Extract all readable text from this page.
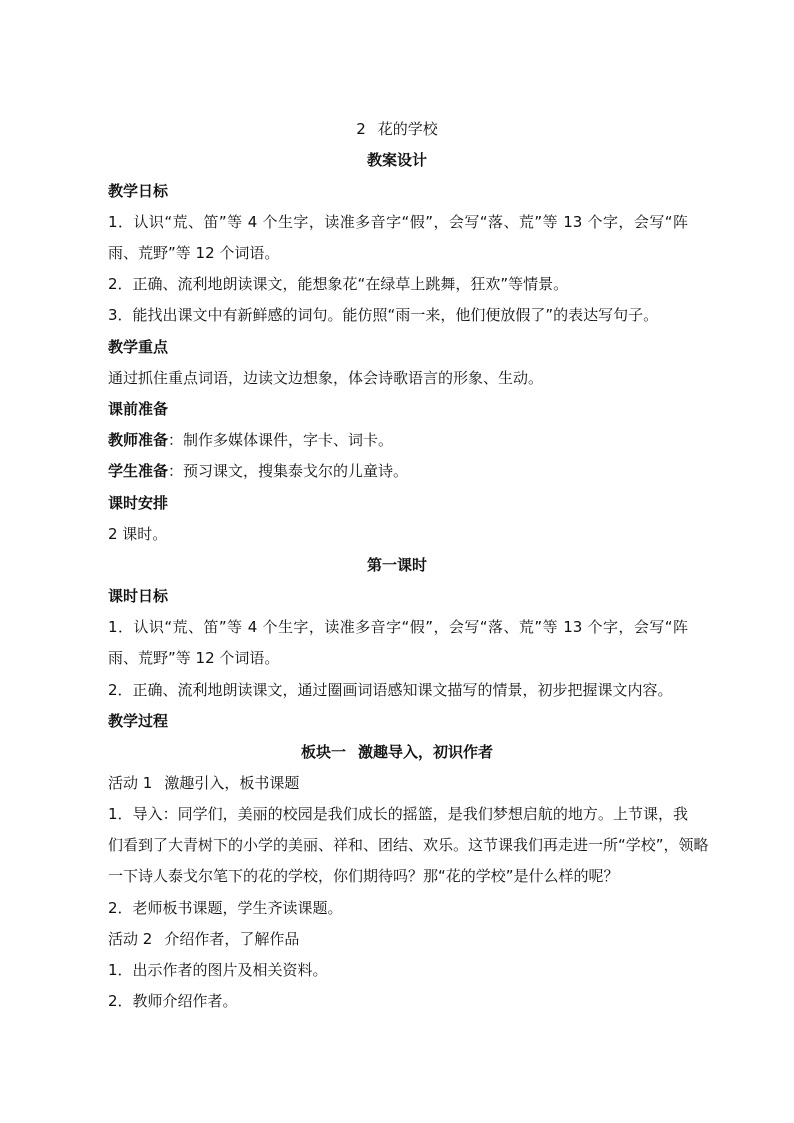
2 花的学校
教案设计
教学日标
1．认识“荒、笛”等 4 个生字，读准多音字“假”，会写“落、荒”等 13 个字，会写“阵
雨、荒野”等 12 个词语。
2．正确、流利地朗读课文，能想象花“在绿草上跳舞，狂欢”等情景。
3．能找出课文中有新鲜感的词句。能仿照“雨一来，他们便放假了”的表达写句子。
教学重点
通过抓住重点词语，边读文边想象，体会诗歌语言的形象、生动。
课前准备
教师准备：制作多媒体课件，字卡、词卡。
学生准备：预习课文，搜集泰戈尔的儿童诗。
课时安排
2 课时。
第一课时
课时日标
1．认识“荒、笛”等 4 个生字，读准多音字“假”，会写“落、荒”等 13 个字，会写“阵
雨、荒野”等 12 个词语。
2．正确、流利地朗读课文，通过圈画词语感知课文描写的情景，初步把握课文内容。
教学过程
板块一 激趣导入，初识作者
活动 1 激趣引入，板书课题
1．导入：同学们，美丽的校园是我们成长的摇篮，是我们梦想启航的地方。上节课，我
们看到了大青树下的小学的美丽、祥和、团结、欢乐。这节课我们再走进一所“学校”，领略
一下诗人泰戈尔笔下的花的学校，你们期待吗？那“花的学校”是什么样的呢？
2．老师板书课题，学生齐读课题。
活动 2 介绍作者，了解作品
1．出示作者的图片及相关资料。
2．教师介绍作者。
